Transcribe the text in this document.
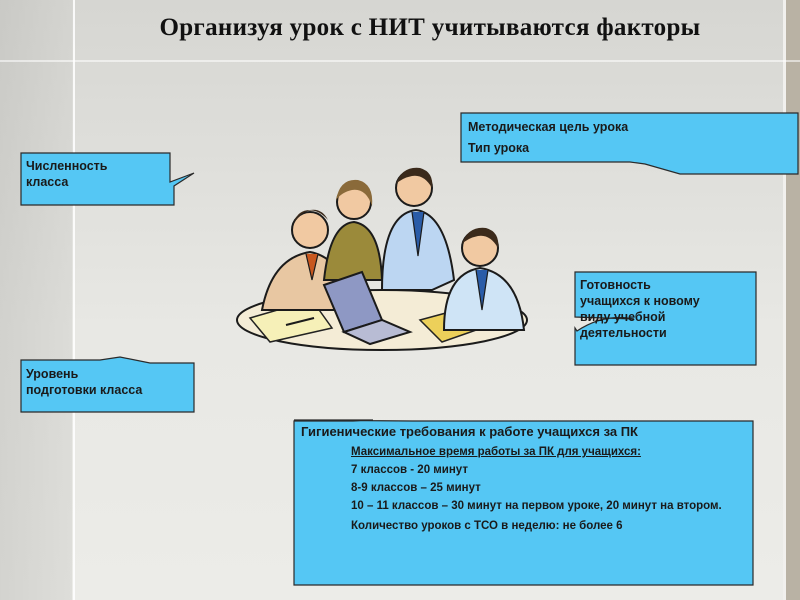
Организуя урок с НИТ учитываются факторы
Численность
класса
Методическая цель урока
Тип урока
Готовность
учащихся к новому
виду учебной
деятельности
Уровень
подготовки класса
Гигиенические требования к работе учащихся за ПК
Максимальное время работы за ПК для учащихся:
7 классов - 20 минут
8-9 классов – 25 минут
10 – 11 классов – 30 минут на первом уроке, 20 минут на втором.
Количество уроков с ТСО в неделю: не более 6
